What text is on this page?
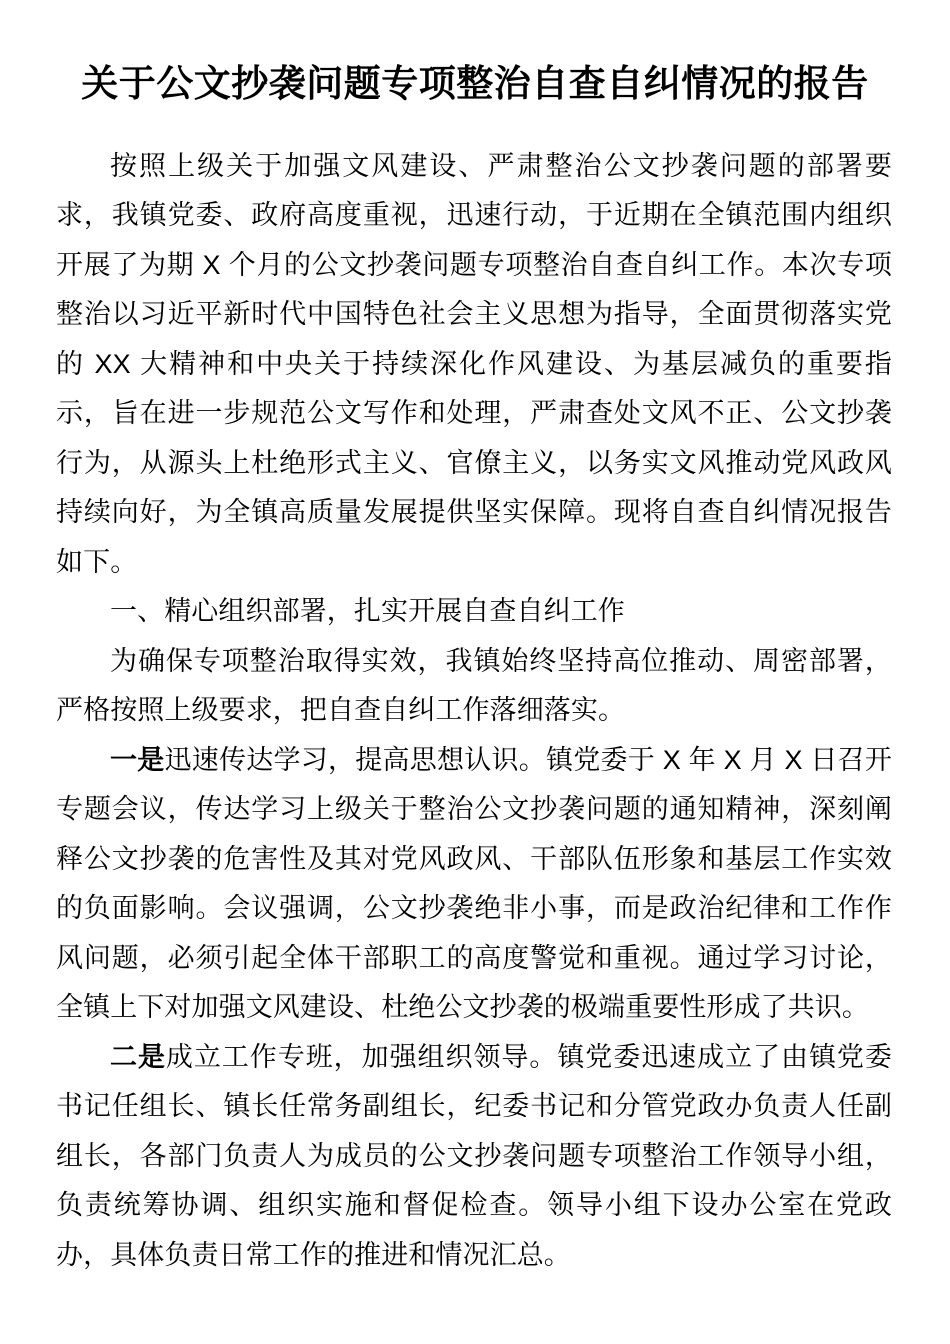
关于公文抄袭问题专项整治自查自纠情况的报告

按照上级关于加强文风建设、严肃整治公文抄袭问题的部署要求，我镇党委、政府高度重视，迅速行动，于近期在全镇范围内组织开展了为期 X 个月的公文抄袭问题专项整治自查自纠工作。本次专项整治以习近平新时代中国特色社会主义思想为指导，全面贯彻落实党的 XX 大精神和中央关于持续深化作风建设、为基层减负的重要指示，旨在进一步规范公文写作和处理，严肃查处文风不正、公文抄袭行为，从源头上杜绝形式主义、官僚主义，以务实文风推动党风政风持续向好，为全镇高质量发展提供坚实保障。现将自查自纠情况报告如下。

一、精心组织部署，扎实开展自查自纠工作

为确保专项整治取得实效，我镇始终坚持高位推动、周密部署，严格按照上级要求，把自查自纠工作落细落实。

一是迅速传达学习，提高思想认识。镇党委于 X 年 X 月 X 日召开专题会议，传达学习上级关于整治公文抄袭问题的通知精神，深刻阐释公文抄袭的危害性及其对党风政风、干部队伍形象和基层工作实效的负面影响。会议强调，公文抄袭绝非小事，而是政治纪律和工作作风问题，必须引起全体干部职工的高度警觉和重视。通过学习讨论，全镇上下对加强文风建设、杜绝公文抄袭的极端重要性形成了共识。

二是成立工作专班，加强组织领导。镇党委迅速成立了由镇党委书记任组长、镇长任常务副组长，纪委书记和分管党政办负责人任副组长，各部门负责人为成员的公文抄袭问题专项整治工作领导小组，负责统筹协调、组织实施和督促检查。领导小组下设办公室在党政办，具体负责日常工作的推进和情况汇总。
